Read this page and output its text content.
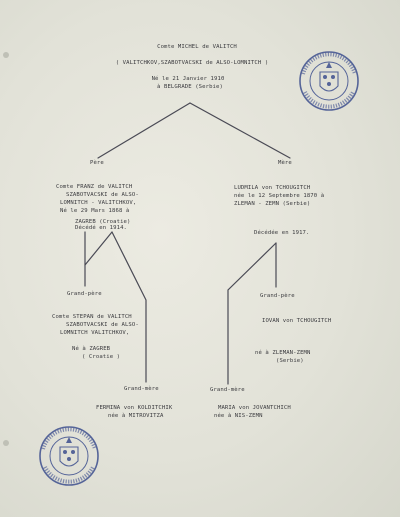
Comte MICHEL de VALITCH
( VALITCHKOV,SZABOTVACSKI de ALSO-LOMNITCH )
Né le 21 Janvier 1910
à BELGRADE (Serbie)
Père	Mère
Comte FRANZ de VALITCH
SZABOTVACSKI de ALSO-
LOMNITCH - VALITCHKOV,
Né le 29 Mars 1868 à
ZAGREB (Croatie)
Décédé en 1914.
LUDMILA von TCHOUGITCH
née le 12 Septembre 1870 à
ZLEMAN - ZEMN (Serbie)
Décédée en 1917.
Grand-père
Comte STEPAN de VALITCH
SZABOTVACSKI de ALSO-
LOMNITCH VALITCHKOV,
Né à ZAGREB
( Croatie )
Grand-père
IOVAN von TCHOUGITCH
né à ZLEMAN-ZEMN
(Serbie)
Grand-mère	Grand-mère
FERMINA von KOLDITCHIK
née à MITROVITZA
MARIA von JOVANTCHICH
née à NIS-ZEMN
